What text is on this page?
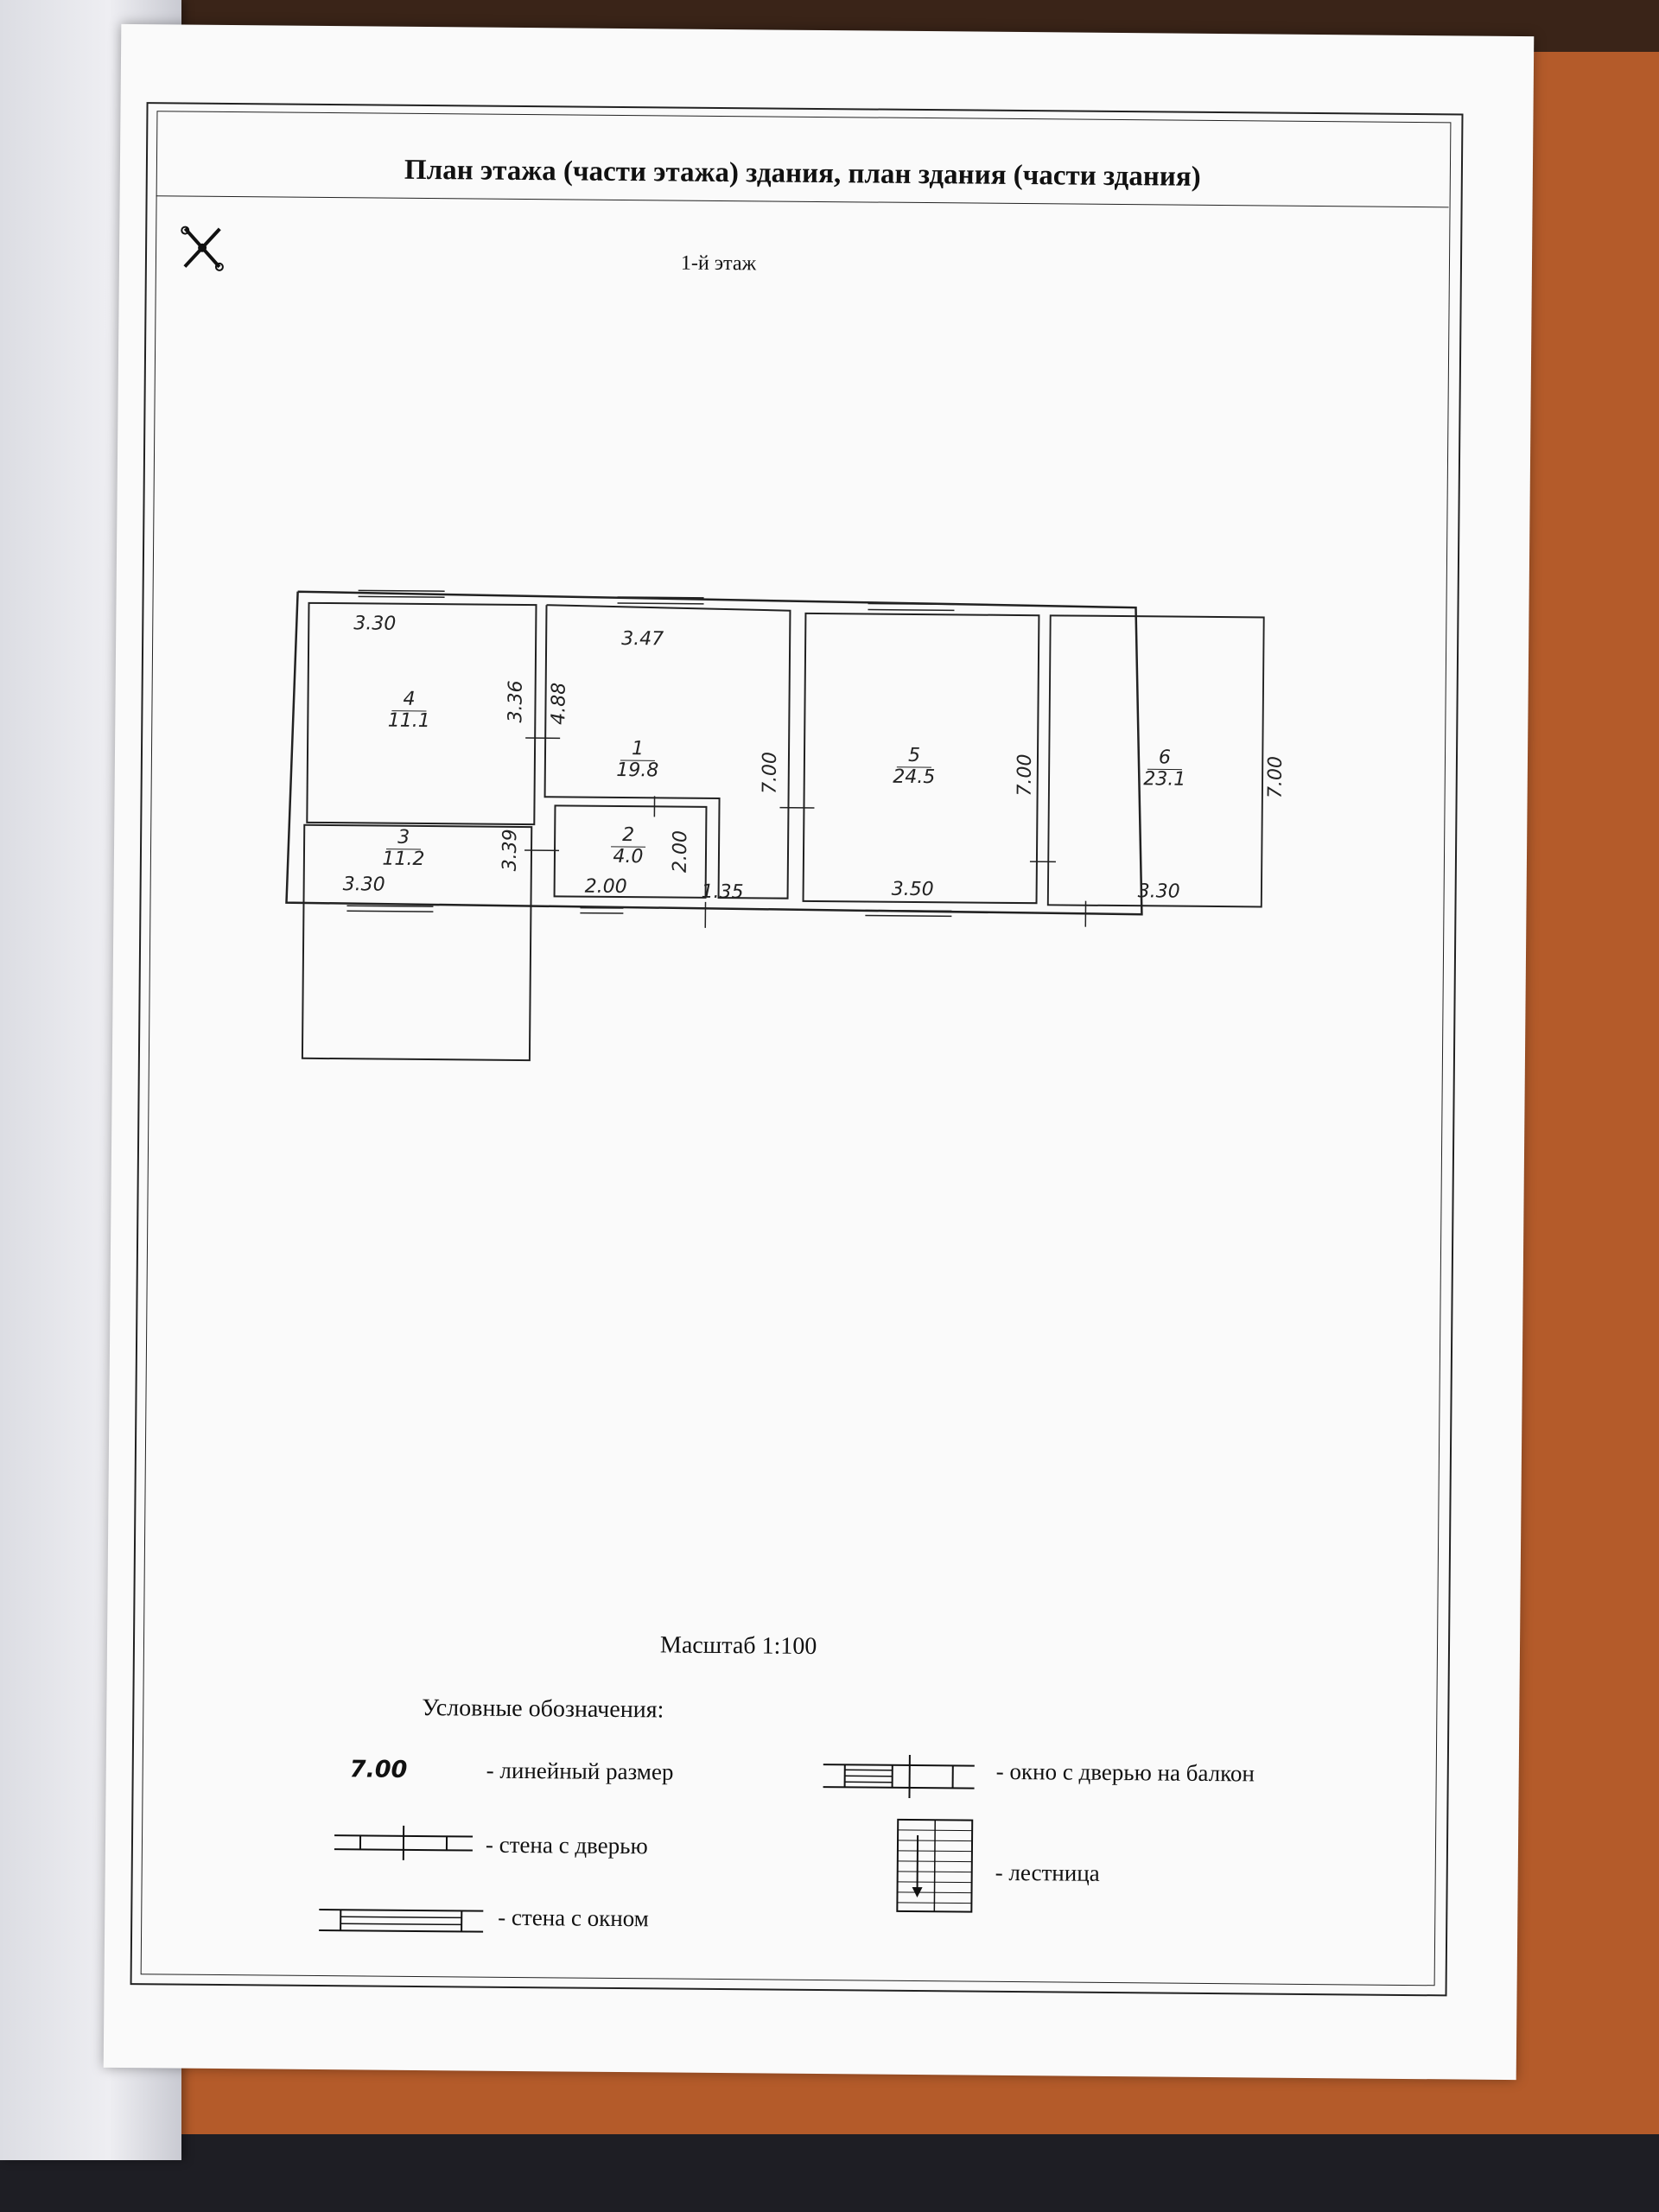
План этажа (части этажа) здания, план здания (части здания)
1-й этаж
3.30
4
11.1	3.36
3.30
3
11.2	3.39
3.47
1
19.8
4.88
7.00
2.00
2
4.0 2.00
1.35	3.50
5
24.5	7.00
3.30
6
23.1	7.00
Масштаб 1:100
Условные обозначения:
7.00	- линейный размер
- стена с дверью
- стена с окном
- окно с дверью на балкон
- лестница
